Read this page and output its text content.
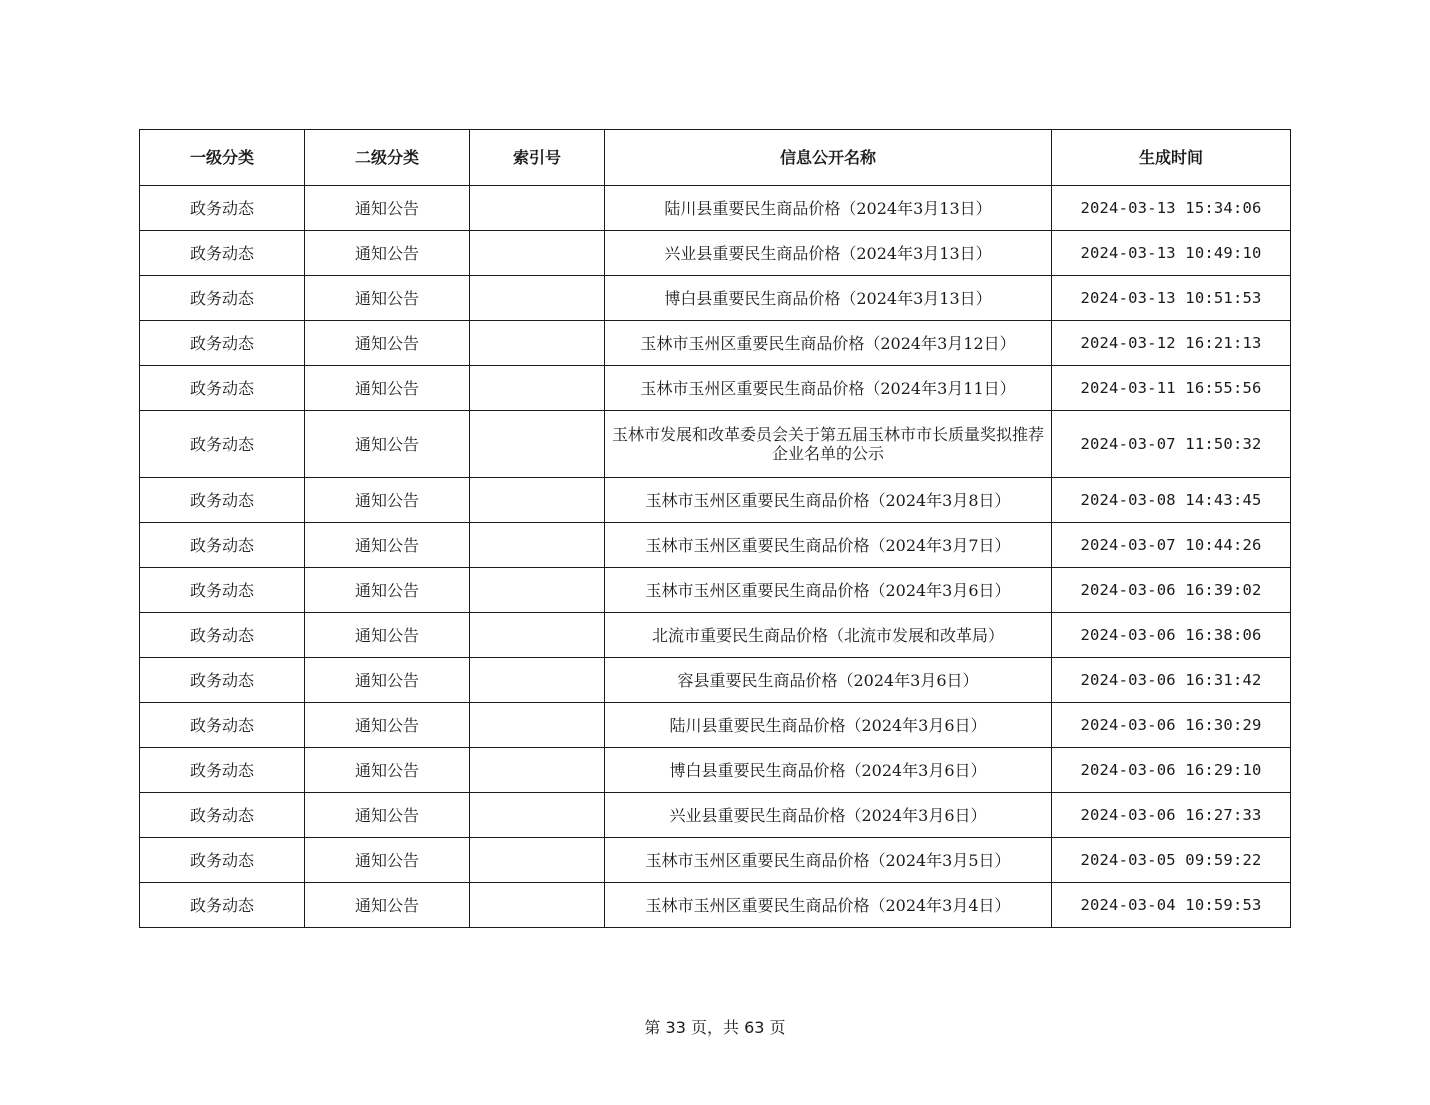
一级分类	二级分类	索引号	信息公开名称	生成时间
政务动态	通知公告		陆川县重要民生商品价格（2024年3月13日）	2024-03-13 15:34:06
政务动态	通知公告		兴业县重要民生商品价格（2024年3月13日）	2024-03-13 10:49:10
政务动态	通知公告		博白县重要民生商品价格（2024年3月13日）	2024-03-13 10:51:53
政务动态	通知公告		玉林市玉州区重要民生商品价格（2024年3月12日）	2024-03-12 16:21:13
政务动态	通知公告		玉林市玉州区重要民生商品价格（2024年3月11日）	2024-03-11 16:55:56
政务动态	通知公告		玉林市发展和改革委员会关于第五届玉林市市长质量奖拟推荐企业名单的公示	2024-03-07 11:50:32
政务动态	通知公告		玉林市玉州区重要民生商品价格（2024年3月8日）	2024-03-08 14:43:45
政务动态	通知公告		玉林市玉州区重要民生商品价格（2024年3月7日）	2024-03-07 10:44:26
政务动态	通知公告		玉林市玉州区重要民生商品价格（2024年3月6日）	2024-03-06 16:39:02
政务动态	通知公告		北流市重要民生商品价格（北流市发展和改革局）	2024-03-06 16:38:06
政务动态	通知公告		容县重要民生商品价格（2024年3月6日）	2024-03-06 16:31:42
政务动态	通知公告		陆川县重要民生商品价格（2024年3月6日）	2024-03-06 16:30:29
政务动态	通知公告		博白县重要民生商品价格（2024年3月6日）	2024-03-06 16:29:10
政务动态	通知公告		兴业县重要民生商品价格（2024年3月6日）	2024-03-06 16:27:33
政务动态	通知公告		玉林市玉州区重要民生商品价格（2024年3月5日）	2024-03-05 09:59:22
政务动态	通知公告		玉林市玉州区重要民生商品价格（2024年3月4日）	2024-03-04 10:59:53
第 33 页，共 63 页
